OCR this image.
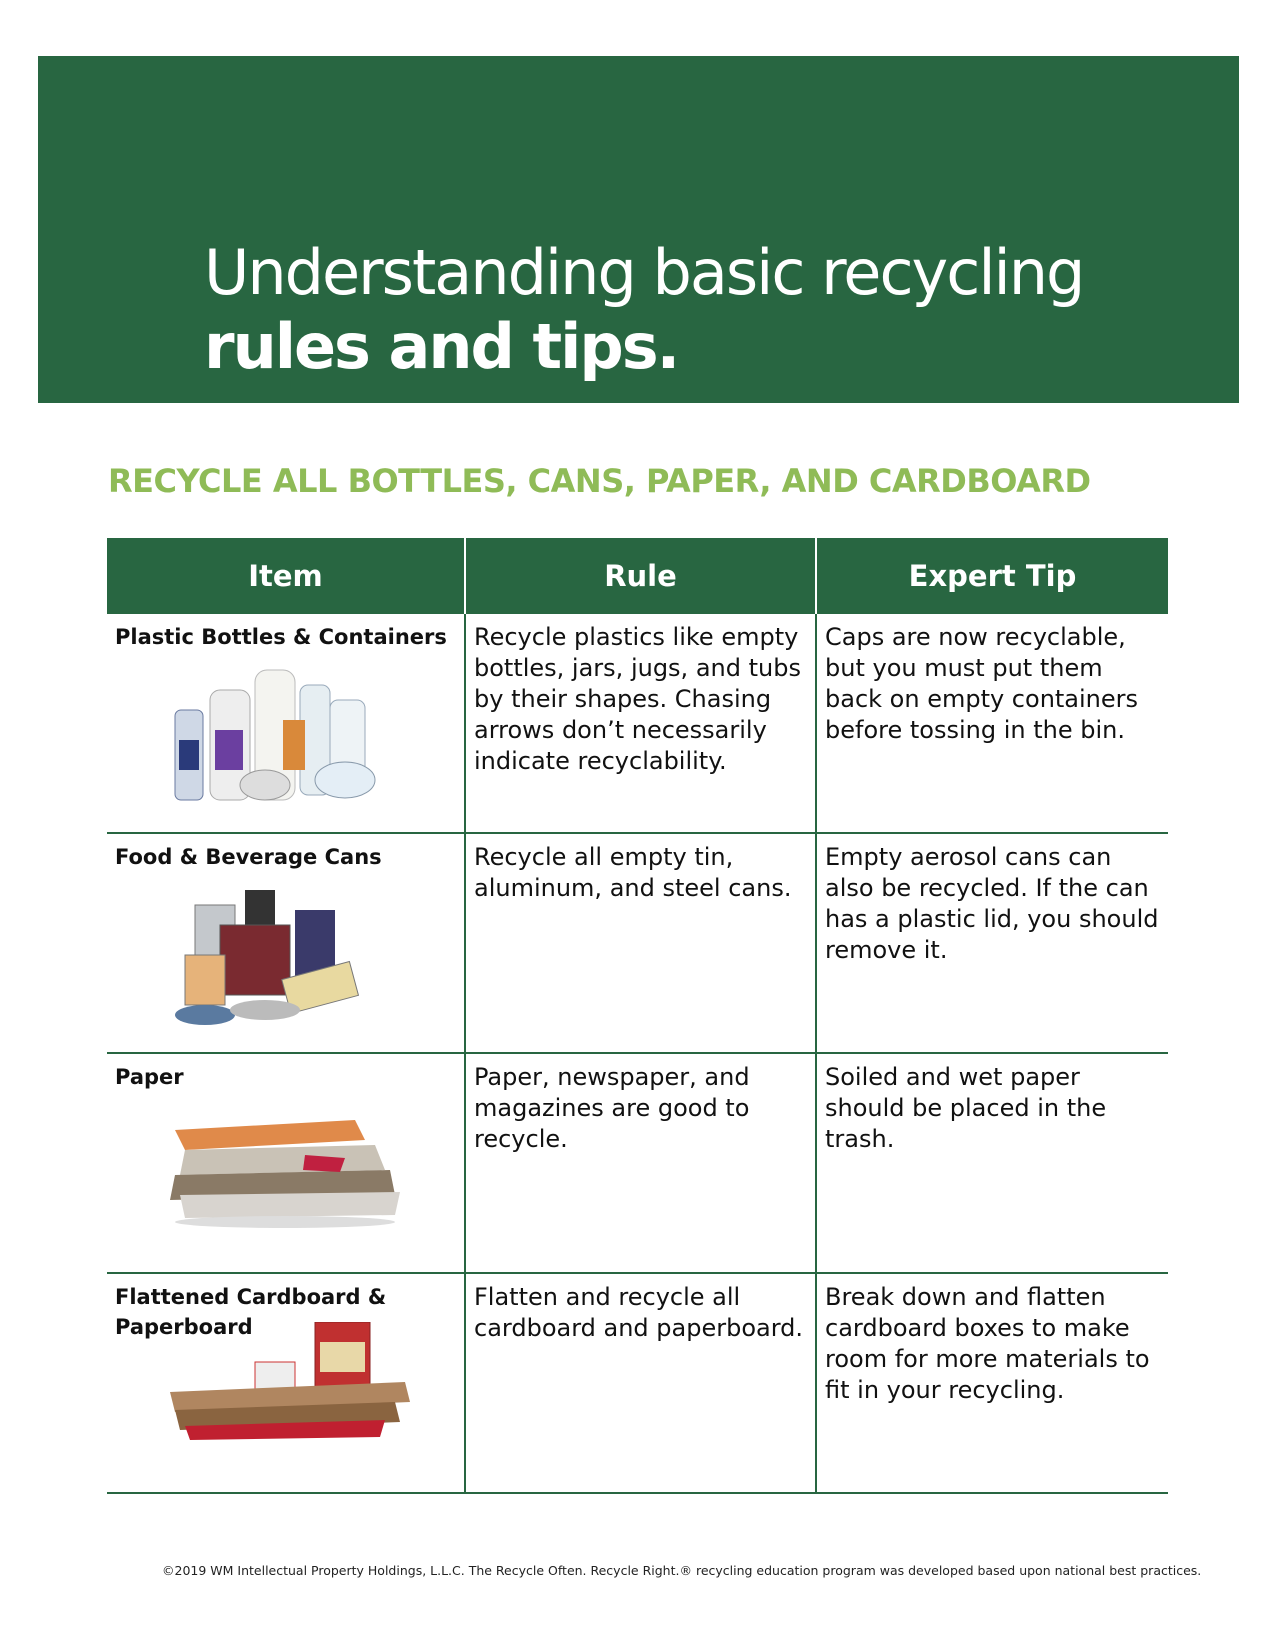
Understanding basic recycling
rules and tips.
RECYCLE ALL BOTTLES, CANS, PAPER, AND CARDBOARD
Item	Rule	Expert Tip

Plastic Bottles & Containers	Recycle plastics like empty bottles, jars, jugs, and tubs by their shapes. Chasing arrows don’t necessarily indicate recyclability.	Caps are now recyclable, but you must put them back on empty containers before tossing in the bin.

Food & Beverage Cans	Recycle all empty tin, aluminum, and steel cans.	Empty aerosol cans can also be recycled. If the can has a plastic lid, you should remove it.

Paper	Paper, newspaper, and magazines are good to recycle.	Soiled and wet paper should be placed in the trash.

Flattened Cardboard & Paperboard	Flatten and recycle all cardboard and paperboard.	Break down and flatten cardboard boxes to make room for more materials to fit in your recycling.
©2019 WM Intellectual Property Holdings, L.L.C. The Recycle Often. Recycle Right.® recycling education program was developed based upon national best practices.
